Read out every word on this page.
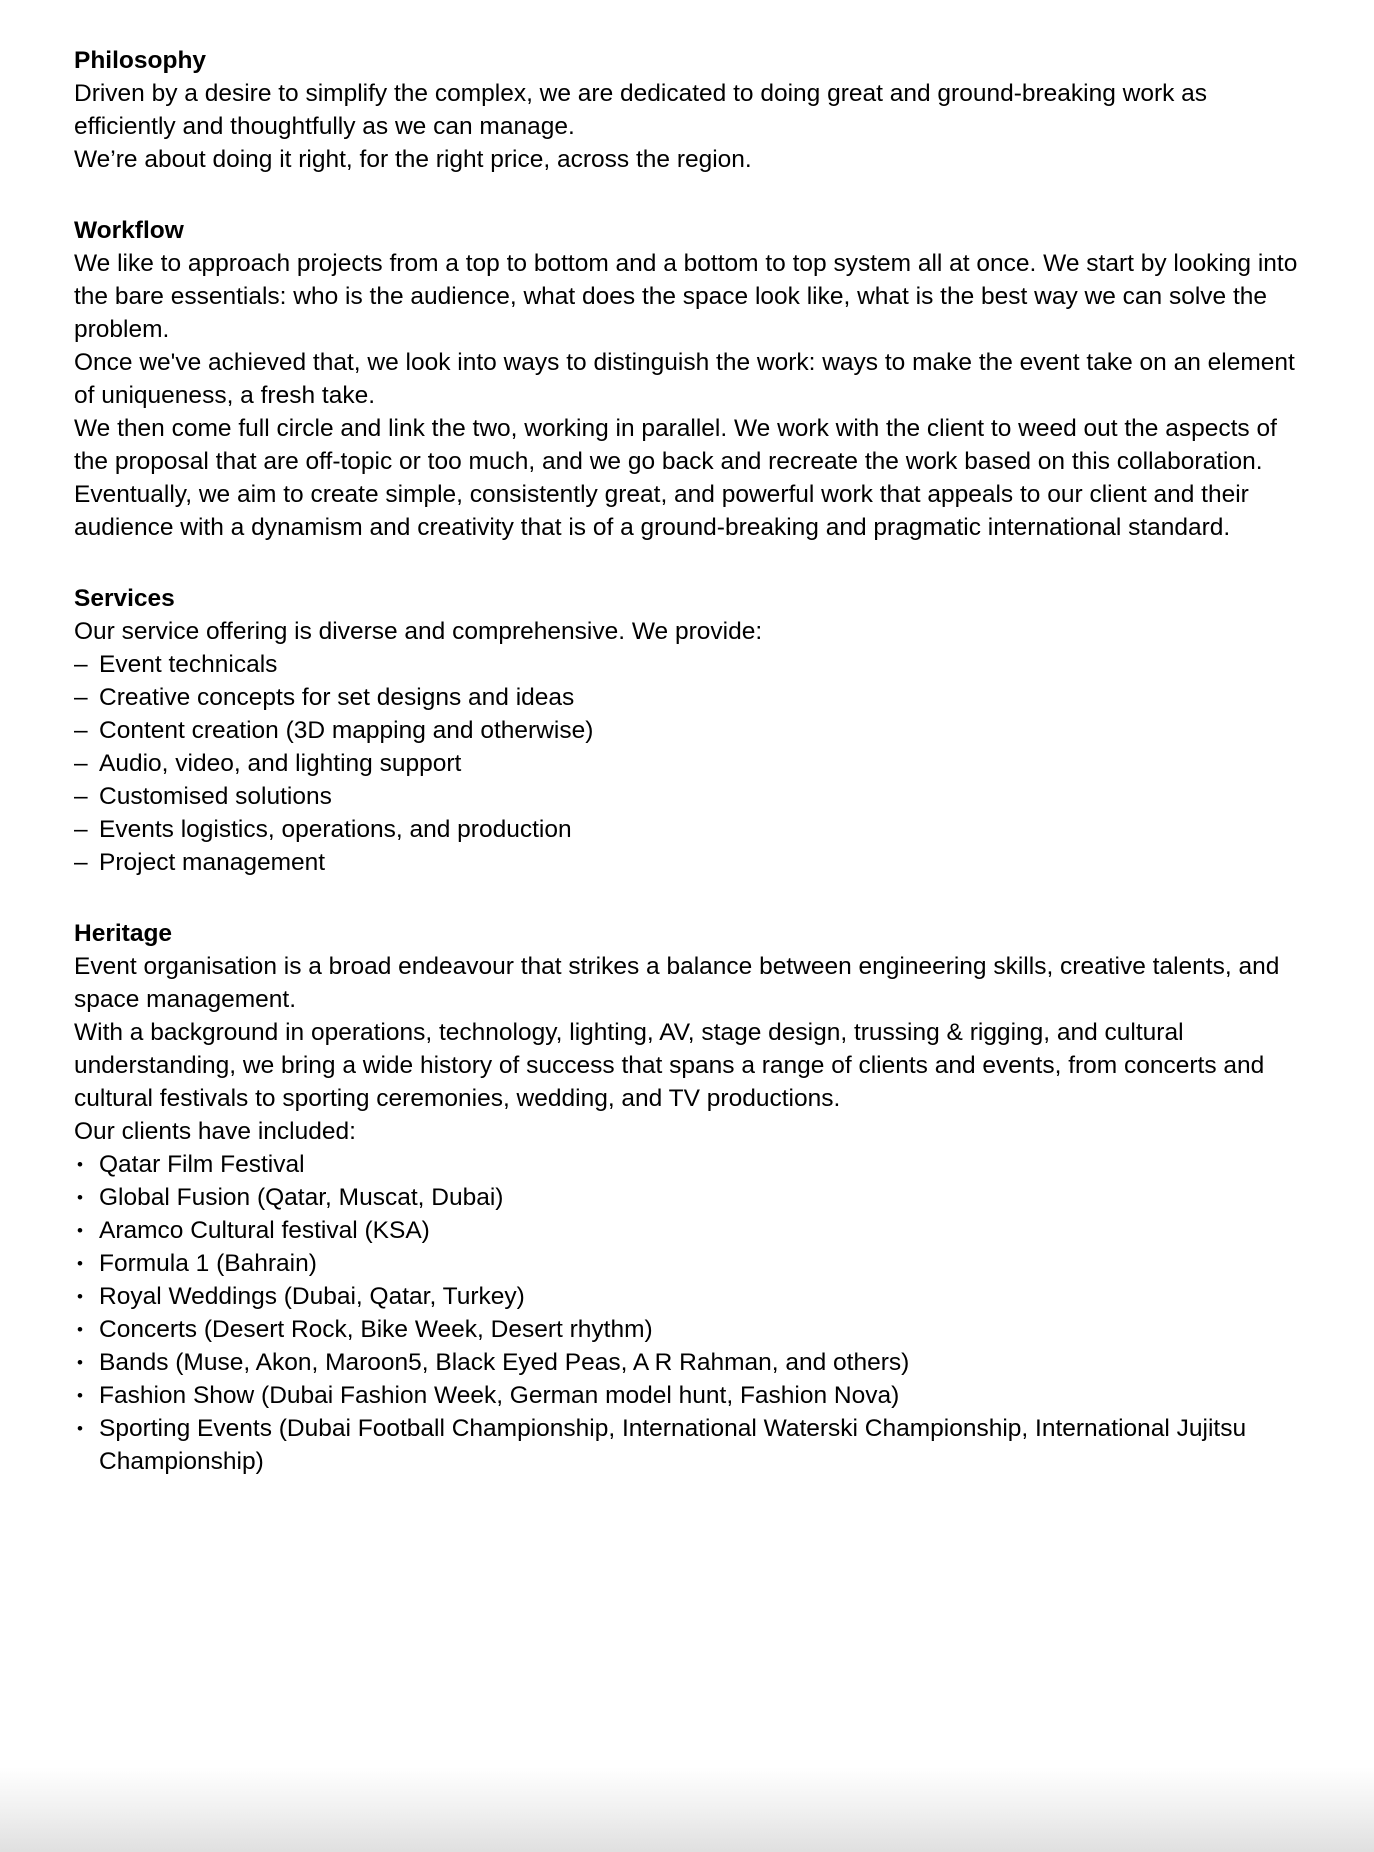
Philosophy

Driven by a desire to simplify the complex, we are dedicated to doing great and ground-breaking work as efficiently and thoughtfully as we can manage.

We’re about doing it right, for the right price, across the region.

Workflow

We like to approach projects from a top to bottom and a bottom to top system all at once. We start by looking into the bare essentials: who is the audience, what does the space look like, what is the best way we can solve the problem.

Once we've achieved that, we look into ways to distinguish the work: ways to make the event take on an element of uniqueness, a fresh take.

We then come full circle and link the two, working in parallel. We work with the client to weed out the aspects of the proposal that are off-topic or too much, and we go back and recreate the work based on this collaboration.

Eventually, we aim to create simple, consistently great, and powerful work that appeals to our client and their audience with a dynamism and creativity that is of a ground-breaking and pragmatic international standard.

Services

Our service offering is diverse and comprehensive. We provide:

– Event technicals
– Creative concepts for set designs and ideas
– Content creation (3D mapping and otherwise)
– Audio, video, and lighting support
– Customised solutions
– Events logistics, operations, and production
– Project management
Heritage

Event organisation is a broad endeavour that strikes a balance between engineering skills, creative talents, and space management.

With a background in operations, technology, lighting, AV, stage design, trussing & rigging, and cultural understanding, we bring a wide history of success that spans a range of clients and events, from concerts and cultural festivals to sporting ceremonies, wedding, and TV productions.

Our clients have included:

• Qatar Film Festival
• Global Fusion (Qatar, Muscat, Dubai)
• Aramco Cultural festival (KSA)
• Formula 1 (Bahrain)
• Royal Weddings (Dubai, Qatar, Turkey)
• Concerts (Desert Rock, Bike Week, Desert rhythm)
• Bands (Muse, Akon, Maroon5, Black Eyed Peas, A R Rahman, and others)
• Fashion Show (Dubai Fashion Week, German model hunt, Fashion Nova)
• Sporting Events (Dubai Football Championship, International Waterski Championship, International Jujitsu Championship)
